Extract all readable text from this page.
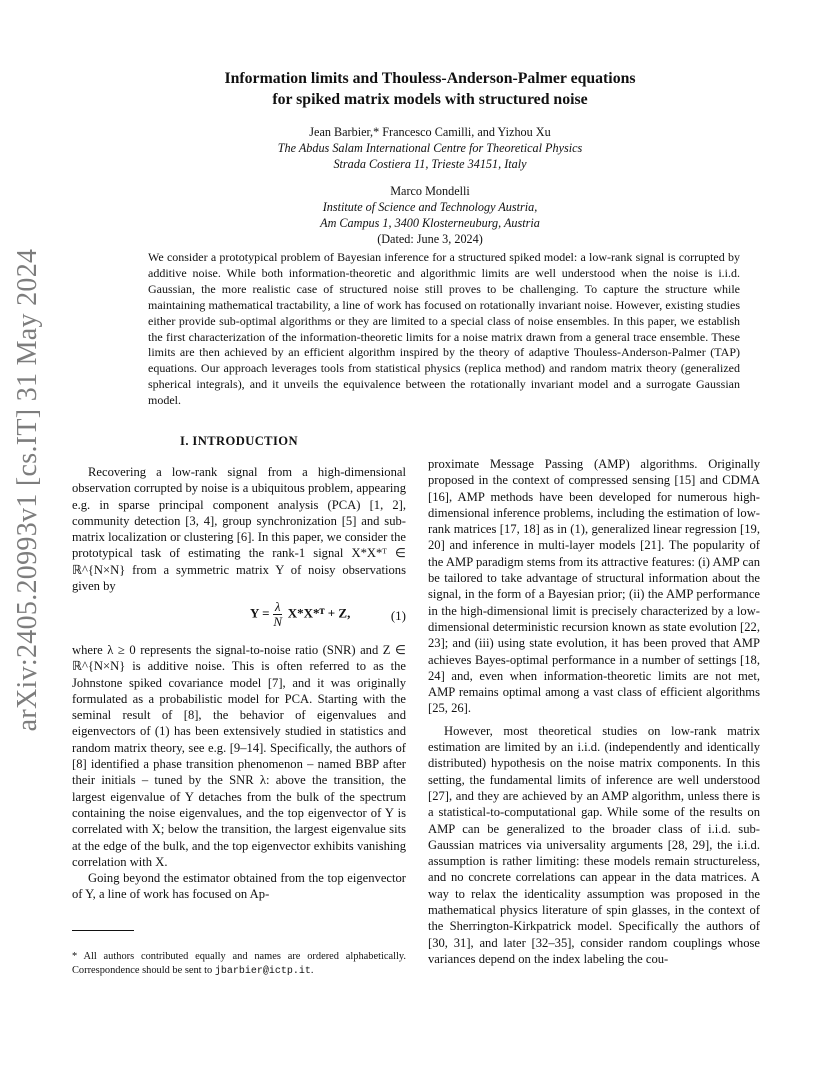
arXiv:2405.20993v1 [cs.IT] 31 May 2024
Information limits and Thouless-Anderson-Palmer equations
for spiked matrix models with structured noise
Jean Barbier,* Francesco Camilli, and Yizhou Xu
The Abdus Salam International Centre for Theoretical Physics
Strada Costiera 11, Trieste 34151, Italy
Marco Mondelli
Institute of Science and Technology Austria,
Am Campus 1, 3400 Klosterneuburg, Austria
(Dated: June 3, 2024)
We consider a prototypical problem of Bayesian inference for a structured spiked model: a low-rank signal is corrupted by additive noise. While both information-theoretic and algorithmic limits are well understood when the noise is i.i.d. Gaussian, the more realistic case of structured noise still proves to be challenging. To capture the structure while maintaining mathematical tractability, a line of work has focused on rotationally invariant noise. However, existing studies either provide sub-optimal algorithms or they are limited to a special class of noise ensembles. In this paper, we establish the first characterization of the information-theoretic limits for a noise matrix drawn from a general trace ensemble. These limits are then achieved by an efficient algorithm inspired by the theory of adaptive Thouless-Anderson-Palmer (TAP) equations. Our approach leverages tools from statistical physics (replica method) and random matrix theory (generalized spherical integrals), and it unveils the equivalence between the rotationally invariant model and a surrogate Gaussian model.
I. INTRODUCTION

Recovering a low-rank signal from a high-dimensional observation corrupted by noise is a ubiquitous problem, appearing e.g. in sparse principal component analysis (PCA) [1, 2], community detection [3, 4], group synchronization [5] and sub-matrix localization or clustering [6]. In this paper, we consider the prototypical task of estimating the rank-1 signal X*X*ᵀ ∈ ℝ^{N×N} from a symmetric matrix Y of noisy observations given by

$Y = \frac{\lambda}{N}$ X*X*ᵀ + Z,	(1)

where λ ≥ 0 represents the signal-to-noise ratio (SNR) and Z ∈ ℝ^{N×N} is additive noise. This is often referred to as the Johnstone spiked covariance model [7], and it was originally formulated as a probabilistic model for PCA. Starting with the seminal result of [8], the behavior of eigenvalues and eigenvectors of (1) has been extensively studied in statistics and random matrix theory, see e.g. [9–14]. Specifically, the authors of [8] identified a phase transition phenomenon – named BBP after their initials – tuned by the SNR λ: above the transition, the largest eigenvalue of Y detaches from the bulk of the spectrum containing the noise eigenvalues, and the top eigenvector of Y is correlated with X; below the transition, the largest eigenvalue sits at the edge of the bulk, and the top eigenvector exhibits vanishing correlation with X.

Going beyond the estimator obtained from the top eigenvector of Y, a line of work has focused on Ap-

* All authors contributed equally and names are ordered alphabetically. Correspondence should be sent to jbarbier@ictp.it.

proximate Message Passing (AMP) algorithms. Originally proposed in the context of compressed sensing [15] and CDMA [16], AMP methods have been developed for numerous high-dimensional inference problems, including the estimation of low-rank matrices [17, 18] as in (1), generalized linear regression [19, 20] and inference in multi-layer models [21]. The popularity of the AMP paradigm stems from its attractive features: (i) AMP can be tailored to take advantage of structural information about the signal, in the form of a Bayesian prior; (ii) the AMP performance in the high-dimensional limit is precisely characterized by a low-dimensional deterministic recursion known as state evolution [22, 23]; and (iii) using state evolution, it has been proved that AMP achieves Bayes-optimal performance in a number of settings [18, 24] and, even when information-theoretic limits are not met, AMP remains optimal among a vast class of efficient algorithms [25, 26].

However, most theoretical studies on low-rank matrix estimation are limited by an i.i.d. (independently and identically distributed) hypothesis on the noise matrix components. In this setting, the fundamental limits of inference are well understood [27], and they are achieved by an AMP algorithm, unless there is a statistical-to-computational gap. While some of the results on AMP can be generalized to the broader class of i.i.d. sub-Gaussian matrices via universality arguments [28, 29], the i.i.d. assumption is rather limiting: these models remain structureless, and no concrete correlations can appear in the data matrices. A way to relax the identicality assumption was proposed in the mathematical physics literature of spin glasses, in the context of the Sherrington-Kirkpatrick model. Specifically the authors of [30, 31], and later [32–35], consider random couplings whose variances depend on the index labeling the cou-
